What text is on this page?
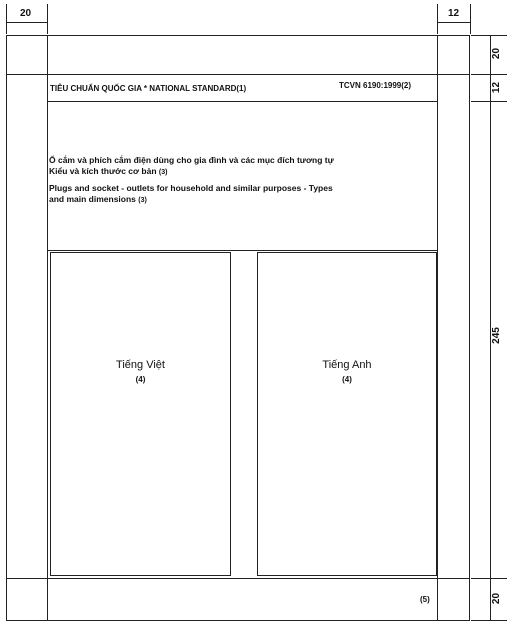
Tiếng Việt
(4)
Tiếng Anh
(4)
TIÊU CHUẨN QUỐC GIA * NATIONAL STANDARD(1)	TCVN 6190:1999(2)
Ổ cắm và phích cắm điện dùng cho gia đình và các mục đích tương tự
Kiểu và kích thước cơ bản (3)
Plugs and socket - outlets for household and similar purposes - Types
and main dimensions (3)
(5)
20	12
20
12
245
20
